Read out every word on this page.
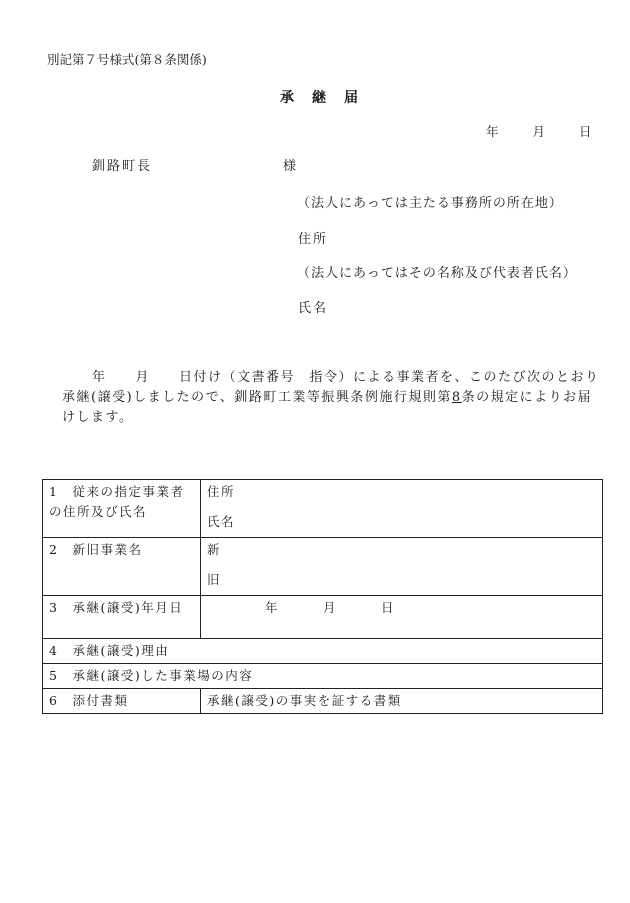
別記第７号様式(第８条関係)
承　継　届
年	月	日
釧路町長	様
（法人にあっては主たる事務所の所在地）
住所
（法人にあってはその名称及び代表者氏名）
氏名
年　　月　　日付け（文書番号　指令）による事業者を、このたび次のとおり承継(譲受)しましたので、釧路町工業等振興条例施行規則第8条の規定によりお届けします。
1　従来の指定事業者の住所及び氏名	住所
氏名

2　新旧事業名	新
旧

3　承継(譲受)年月日	年 月 日
4　承継(譲受)理由	
5　承継(譲受)した事業場の内容	
6　添付書類	承継(譲受)の事実を証する書類
